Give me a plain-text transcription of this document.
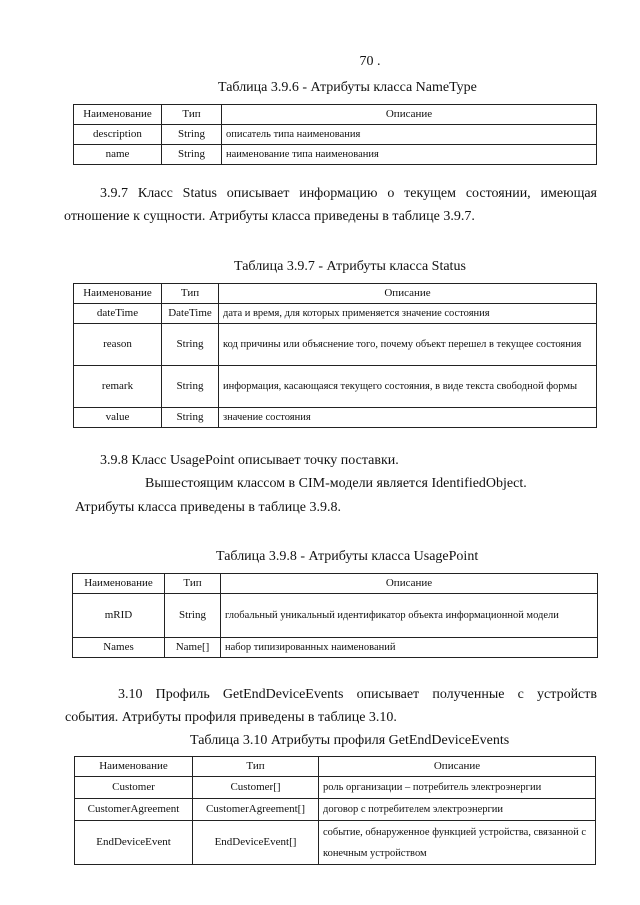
70 .
Таблица 3.9.6 - Атрибуты класса NameType
Наименование	Тип	Описание
description	String	описатель типа наименования
name	String	наименование типа наименования
3.9.7 Класс Status описывает информацию о текущем состоянии, имеющая
отношение к сущности. Атрибуты класса приведены в таблице 3.9.7.
Таблица 3.9.7 - Атрибуты класса Status
Наименование	Тип	Описание
dateTime	DateTime	дата и время, для которых применяется значение состояния
reason	String	код причины или объяснение того, почему объект перешел в текущее состояния
remark	String	информация, касающаяся текущего состояния, в виде текста свободной формы
value	String	значение состояния
3.9.8 Класс UsagePoint описывает точку поставки.
Вышестоящим классом в CIM-модели является IdentifiedObject.
Атрибуты класса приведены в таблице 3.9.8.
Таблица 3.9.8 - Атрибуты класса UsagePoint
Наименование	Тип	Описание
mRID	String	глобальный уникальный идентификатор объекта информационной модели
Names	Name[]	набор типизированных наименований
3.10 Профиль GetEndDeviceEvents описывает полученные с устройств
события. Атрибуты профиля приведены в таблице 3.10.
Таблица 3.10 Атрибуты профиля GetEndDeviceEvents
Наименование	Тип	Описание
Customer	Customer[]	роль организации – потребитель электроэнергии
CustomerAgreement	CustomerAgreement[]	договор с потребителем электроэнергии
EndDeviceEvent	EndDeviceEvent[]	событие, обнаруженное функцией устройства, связанной с конечным устройством
